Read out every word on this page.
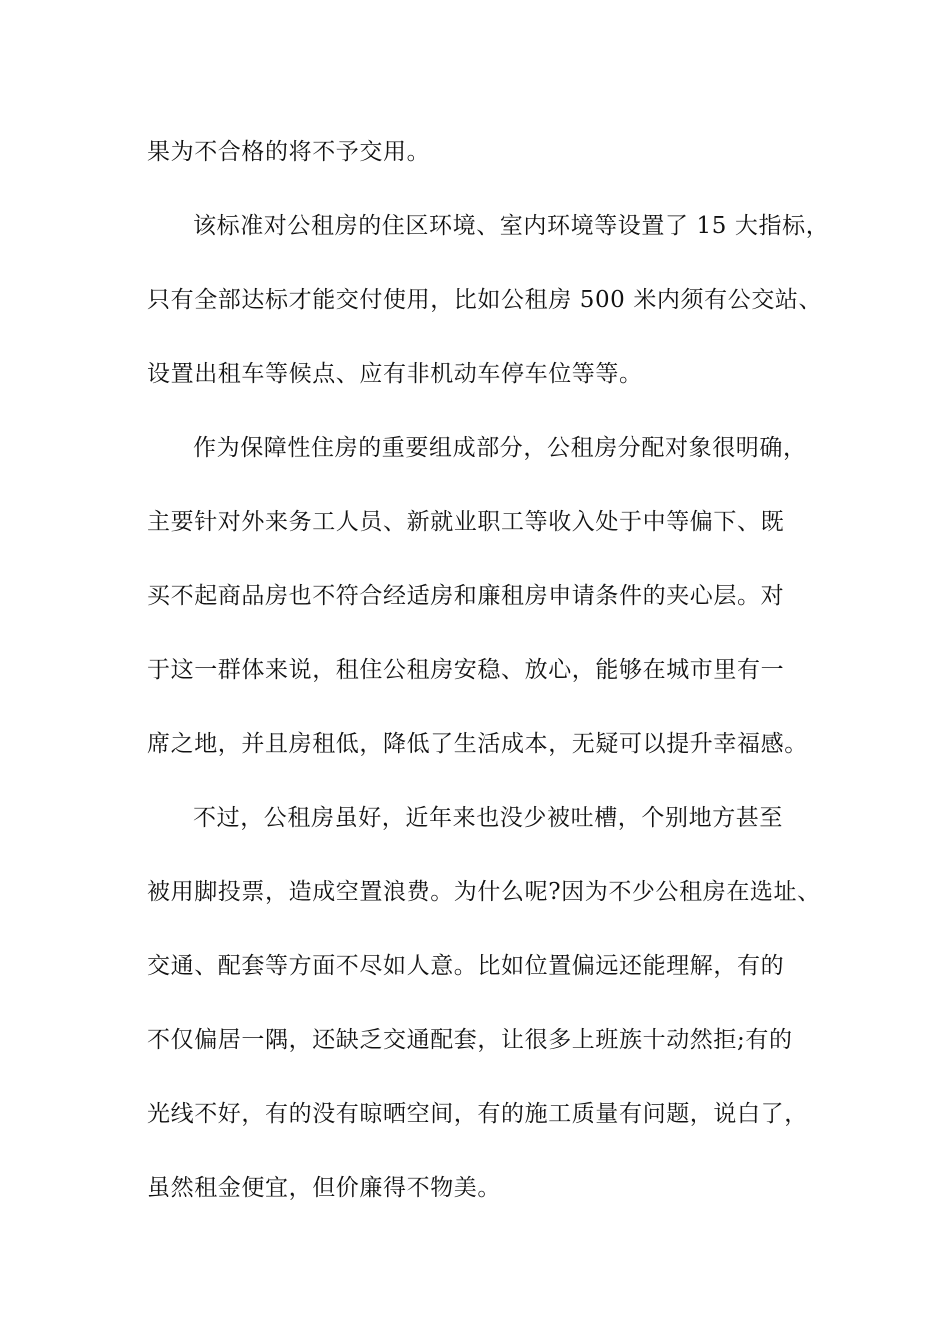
果为不合格的将不予交用。
该标准对公租房的住区环境、室内环境等设置了 15 大指标，
只有全部达标才能交付使用，比如公租房 500 米内须有公交站、
设置出租车等候点、应有非机动车停车位等等。
作为保障性住房的重要组成部分，公租房分配对象很明确，
主要针对外来务工人员、新就业职工等收入处于中等偏下、既
买不起商品房也不符合经适房和廉租房申请条件的夹心层。对
于这一群体来说，租住公租房安稳、放心，能够在城市里有一
席之地，并且房租低，降低了生活成本，无疑可以提升幸福感。
不过，公租房虽好，近年来也没少被吐槽，个别地方甚至
被用脚投票，造成空置浪费。为什么呢?因为不少公租房在选址、
交通、配套等方面不尽如人意。比如位置偏远还能理解，有的
不仅偏居一隅，还缺乏交通配套，让很多上班族十动然拒;有的
光线不好，有的没有晾晒空间，有的施工质量有问题，说白了，
虽然租金便宜，但价廉得不物美。
